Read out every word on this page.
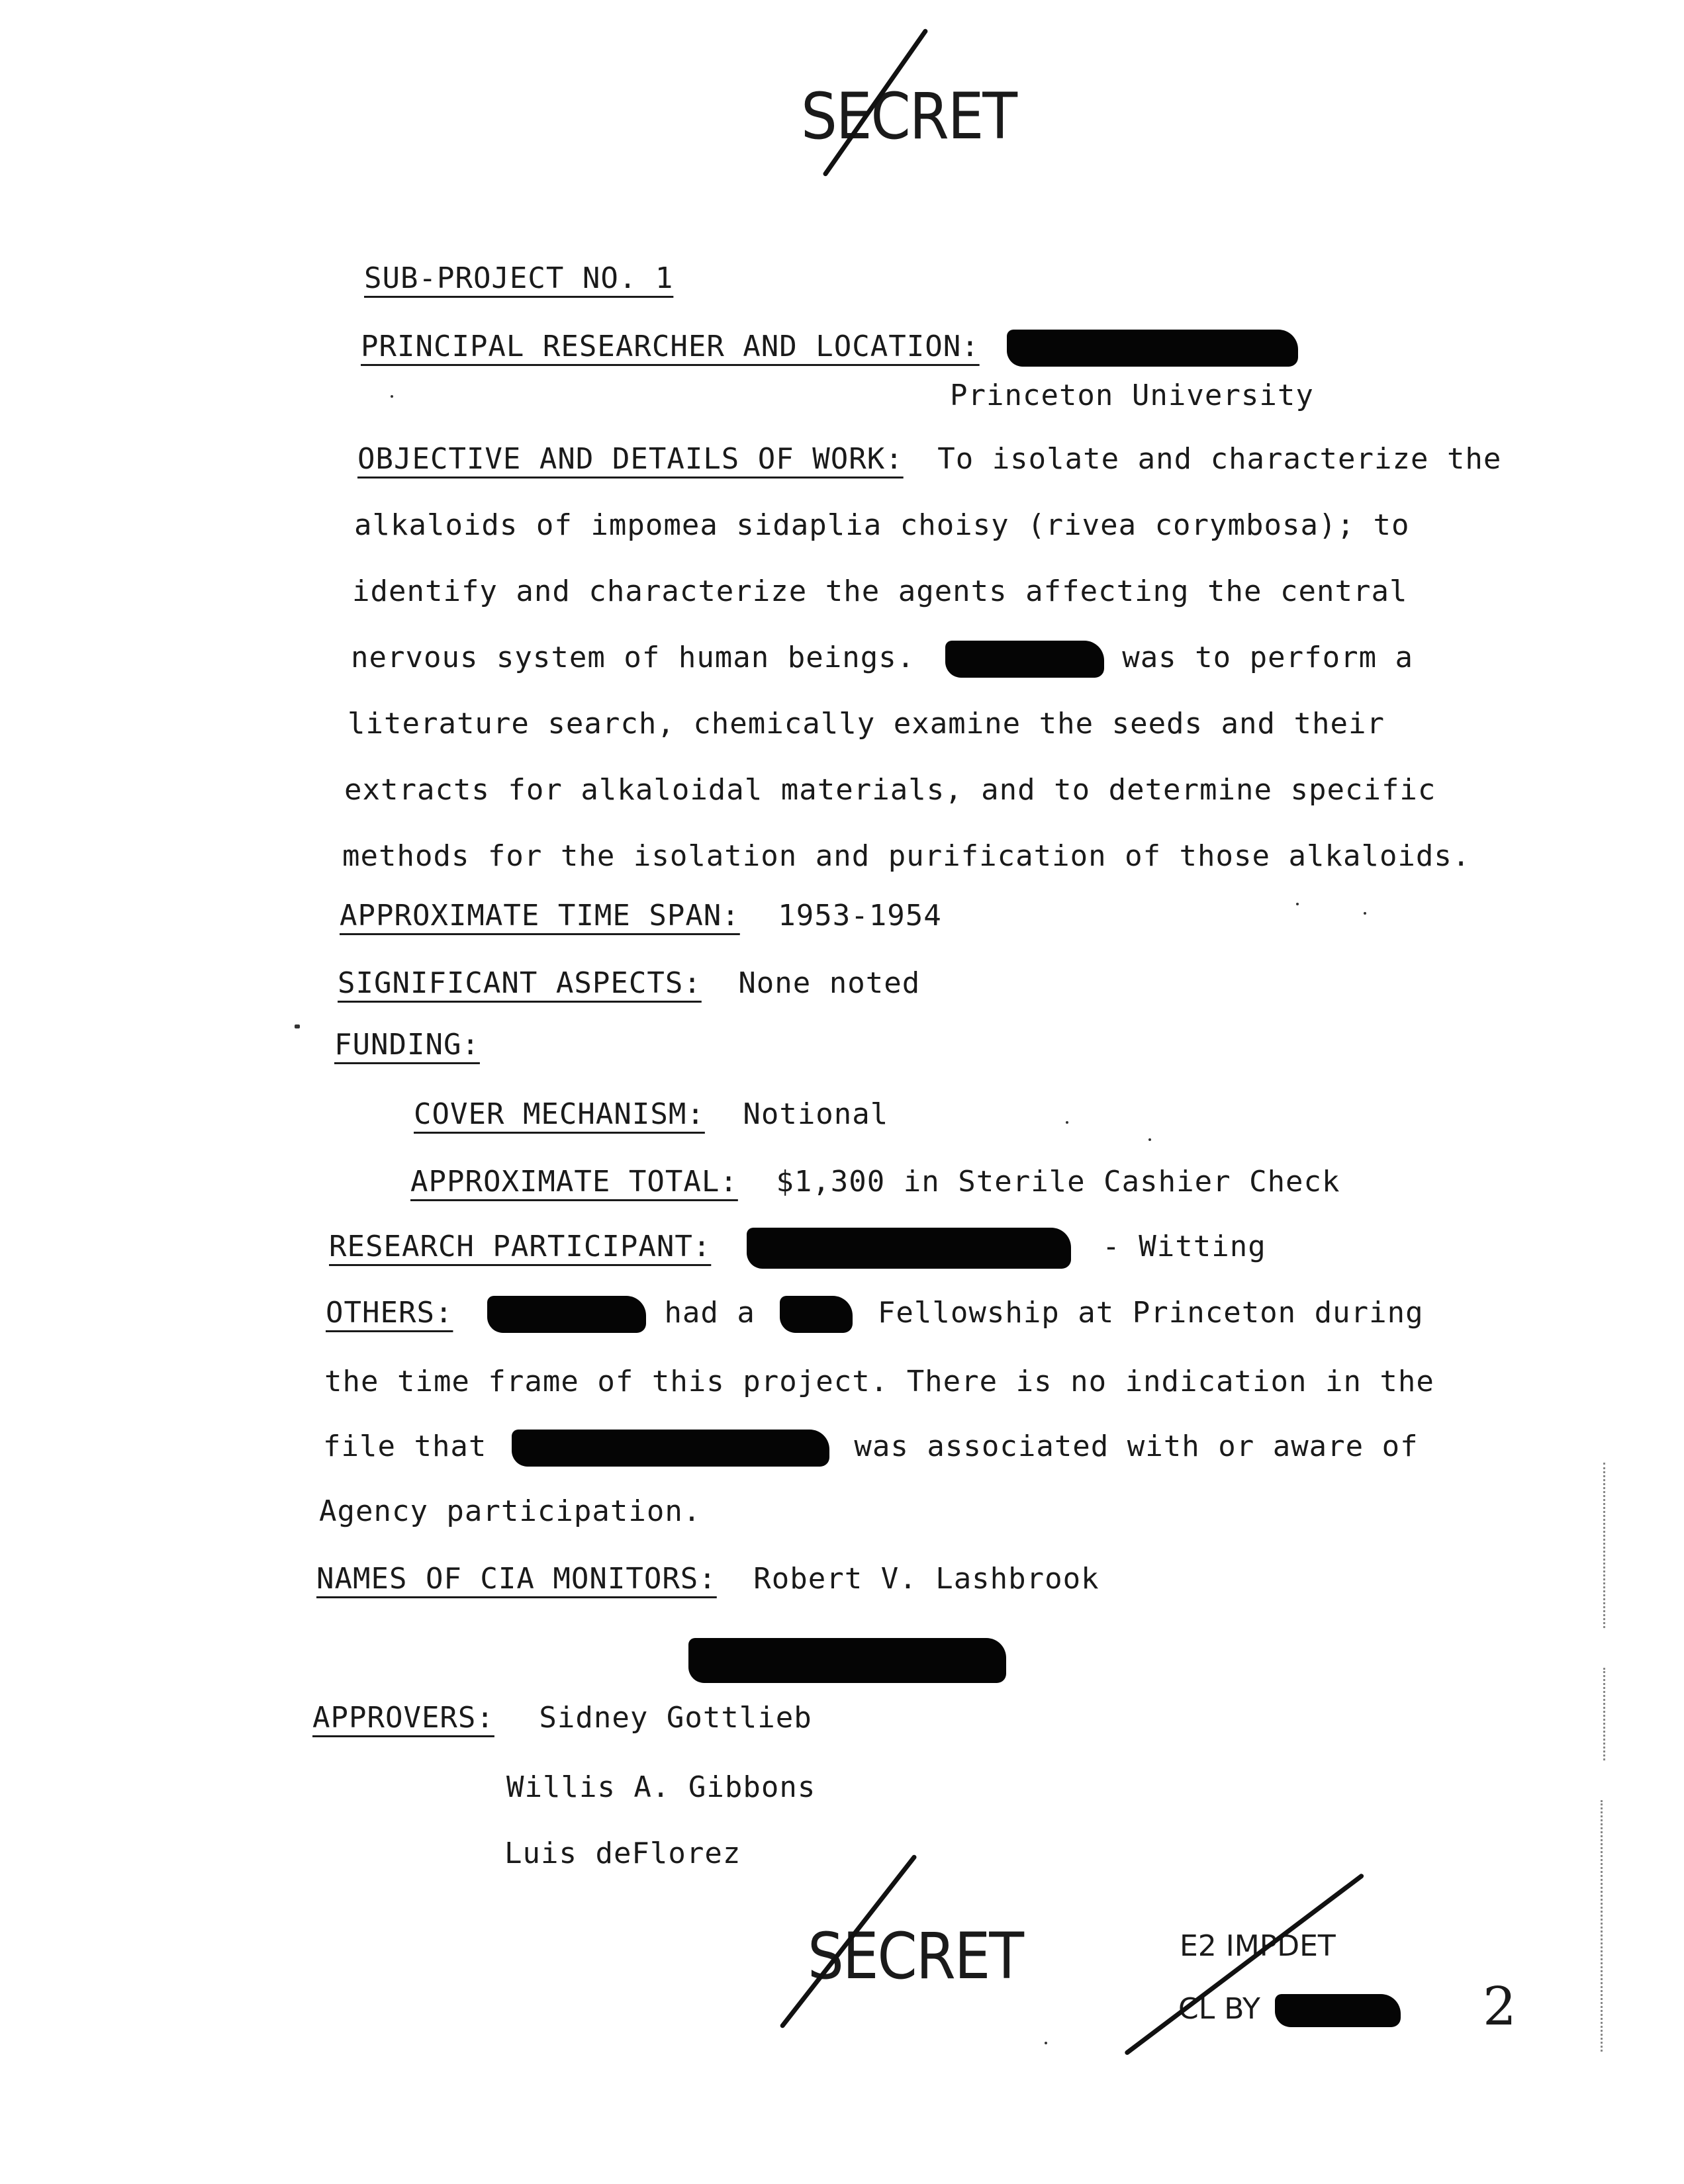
SECRET
SUB-PROJECT NO. 1
PRINCIPAL RESEARCHER AND LOCATION:
Princeton University
OBJECTIVE AND DETAILS OF WORK: To isolate and characterize the
alkaloids of impomea sidaplia choisy (rivea corymbosa); to
identify and characterize the agents affecting the central
nervous system of human beings.	was to perform a
literature search, chemically examine the seeds and their
extracts for alkaloidal materials, and to determine specific
methods for the isolation and purification of those alkaloids.
APPROXIMATE TIME SPAN: 1953-1954
SIGNIFICANT ASPECTS: None noted
FUNDING:
COVER MECHANISM: Notional
APPROXIMATE TOTAL: $1,300 in Sterile Cashier Check
RESEARCH PARTICIPANT:	- Witting
OTHERS:	had a	Fellowship at Princeton during
the time frame of this project. There is no indication in the
file that	was associated with or aware of
Agency participation.
NAMES OF CIA MONITORS: Robert V. Lashbrook
APPROVERS: Sidney Gottlieb
Willis A. Gibbons
Luis deFlorez
SECRET	E2 IMPDET
CL BY	2
